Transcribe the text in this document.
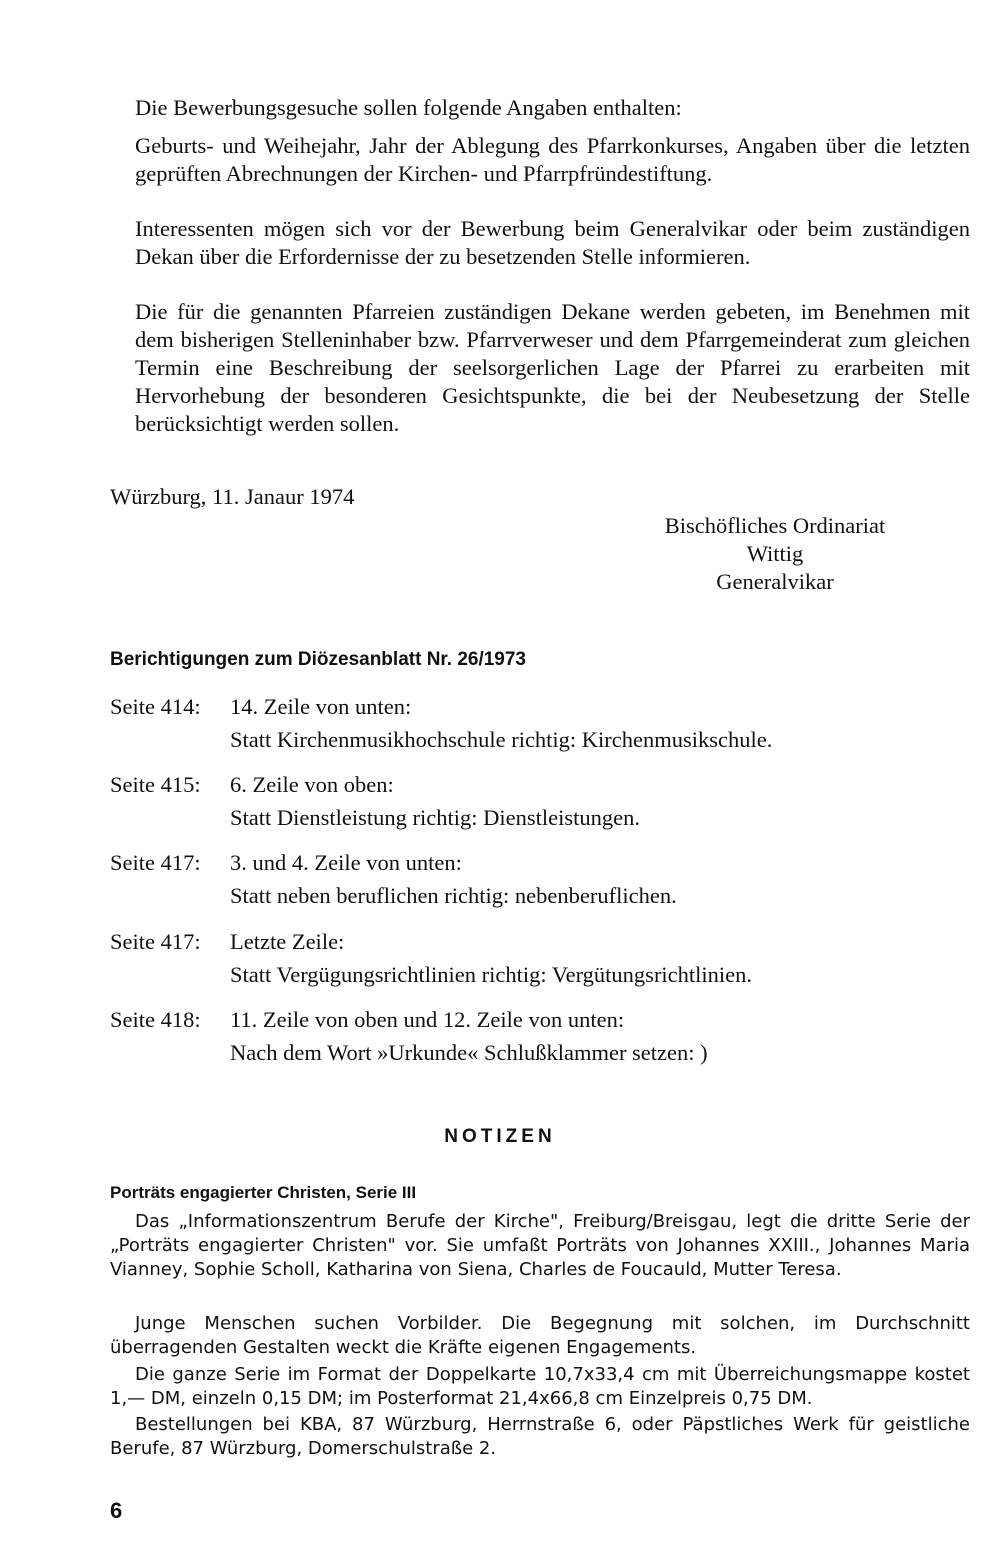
Die Bewerbungsgesuche sollen folgende Angaben enthalten:

Geburts- und Weihejahr, Jahr der Ablegung des Pfarrkonkurses, Angaben über die letzten geprüften Abrechnungen der Kirchen- und Pfarrpfründestiftung.

Interessenten mögen sich vor der Bewerbung beim Generalvikar oder beim zuständigen Dekan über die Erfordernisse der zu besetzenden Stelle informieren.

Die für die genannten Pfarreien zuständigen Dekane werden gebeten, im Benehmen mit dem bisherigen Stelleninhaber bzw. Pfarrverweser und dem Pfarrgemeinderat zum gleichen Termin eine Beschreibung der seelsorgerlichen Lage der Pfarrei zu erarbeiten mit Hervorhebung der besonderen Gesichtspunkte, die bei der Neubesetzung der Stelle berücksichtigt werden sollen.

Würzburg, 11. Janaur 1974
Bischöfliches Ordinariat
Wittig
Generalvikar
Berichtigungen zum Diözesanblatt Nr. 26/1973
Seite 414: 14. Zeile von unten:
Statt Kirchenmusikhochschule richtig: Kirchenmusikschule.
Seite 415: 6. Zeile von oben:
Statt Dienstleistung richtig: Dienstleistungen.
Seite 417: 3. und 4. Zeile von unten:
Statt neben beruflichen richtig: nebenberuflichen.
Seite 417: Letzte Zeile:
Statt Vergügungsrichtlinien richtig: Vergütungsrichtlinien.
Seite 418: 11. Zeile von oben und 12. Zeile von unten:
Nach dem Wort »Urkunde« Schlußklammer setzen: )
NOTIZEN
Porträts engagierter Christen, Serie III

Das „Informationszentrum Berufe der Kirche", Freiburg/Breisgau, legt die dritte Serie der „Porträts engagierter Christen" vor. Sie umfaßt Porträts von Johannes XXIII., Johannes Maria Vianney, Sophie Scholl, Katharina von Siena, Charles de Foucauld, Mutter Teresa.

Junge Menschen suchen Vorbilder. Die Begegnung mit solchen, im Durchschnitt überragenden Gestalten weckt die Kräfte eigenen Engagements.

Die ganze Serie im Format der Doppelkarte 10,7x33,4 cm mit Überreichungsmappe kostet 1,— DM, einzeln 0,15 DM; im Posterformat 21,4x66,8 cm Einzelpreis 0,75 DM.

Bestellungen bei KBA, 87 Würzburg, Herrnstraße 6, oder Päpstliches Werk für geistliche Berufe, 87 Würzburg, Domerschulstraße 2.

6
